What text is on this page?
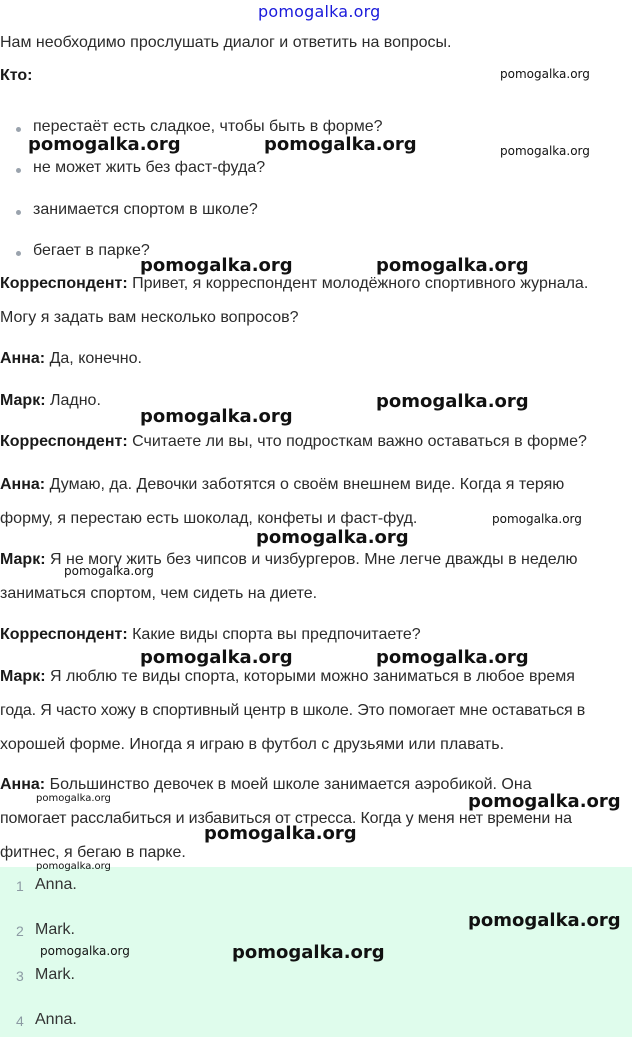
pomogalka.org
Нам необходимо прослушать диалог и ответить на вопросы.
Кто:
перестаёт есть сладкое, чтобы быть в форме?
не может жить без фаст-фуда?
занимается спортом в школе?
бегает в парке?
Корреспондент: Привет, я корреспондент молодёжного спортивного журнала.
Могу я задать вам несколько вопросов?
Анна: Да, конечно.
Марк: Ладно.
Корреспондент: Считаете ли вы, что подросткам важно оставаться в форме?
Анна: Думаю, да. Девочки заботятся о своём внешнем виде. Когда я теряю
форму, я перестаю есть шоколад, конфеты и фаст-фуд.
Марк: Я не могу жить без чипсов и чизбургеров. Мне легче дважды в неделю
заниматься спортом, чем сидеть на диете.
Корреспондент: Какие виды спорта вы предпочитаете?
Марк: Я люблю те виды спорта, которыми можно заниматься в любое время
года. Я часто хожу в спортивный центр в школе. Это помогает мне оставаться в
хорошей форме. Иногда я играю в футбол с друзьями или плавать.
Анна: Большинство девочек в моей школе занимается аэробикой. Она
помогает расслабиться и избавиться от стресса. Когда у меня нет времени на
фитнес, я бегаю в парке.
1 Anna.
2 Mark.
3 Mark.
4 Anna.
pomogalka.org
pomogalka.org	pomogalka.org	pomogalka.org
pomogalka.org	pomogalka.org
pomogalka.org
pomogalka.org
pomogalka.org
pomogalka.org
pomogalka.org
pomogalka.org	pomogalka.org
pomogalka.org	pomogalka.org
pomogalka.org
pomogalka.org
pomogalka.org
pomogalka.org	pomogalka.org
